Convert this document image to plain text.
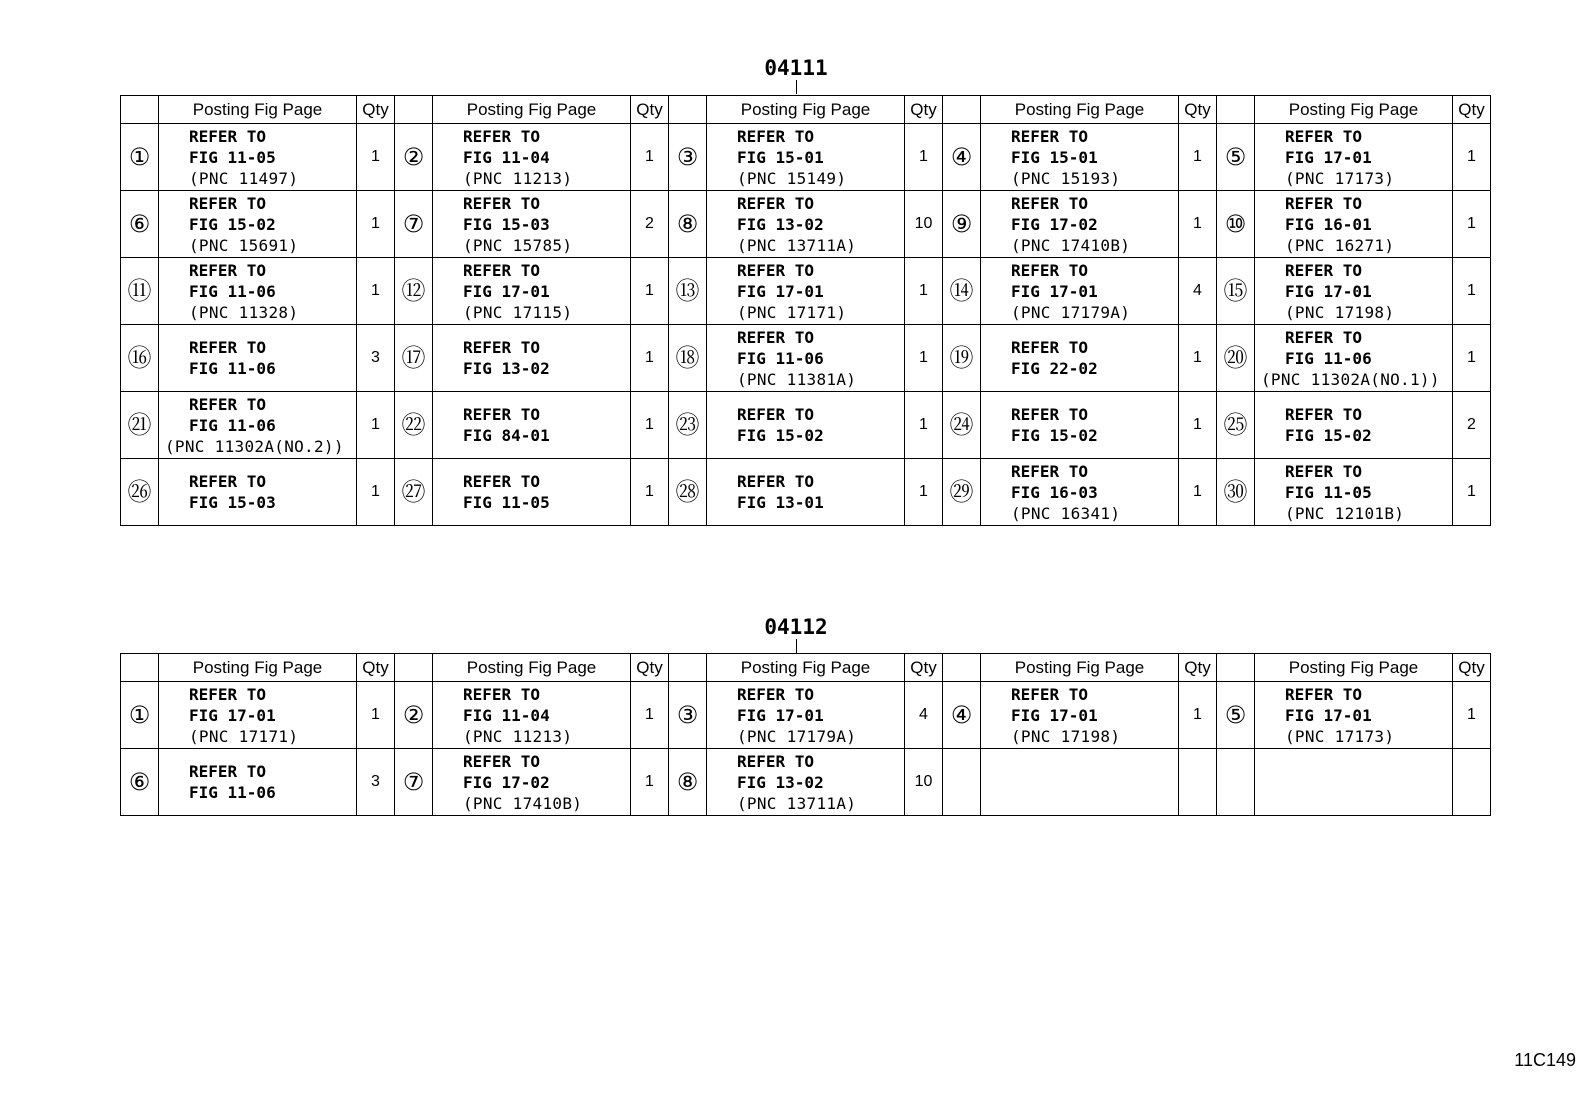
04111
	Posting Fig Page	Qty		Posting Fig Page	Qty		Posting Fig Page	Qty		Posting Fig Page	Qty		Posting Fig Page	Qty
①	REFER TO
FIG 11-05
(PNC 11497)	1	②	REFER TO
FIG 11-04
(PNC 11213)	1	③	REFER TO
FIG 15-01
(PNC 15149)	1	④	REFER TO
FIG 15-01
(PNC 15193)	1	⑤	REFER TO
FIG 17-01
(PNC 17173)	1
⑥	REFER TO
FIG 15-02
(PNC 15691)	1	⑦	REFER TO
FIG 15-03
(PNC 15785)	2	⑧	REFER TO
FIG 13-02
(PNC 13711A)	10	⑨	REFER TO
FIG 17-02
(PNC 17410B)	1	⑩	REFER TO
FIG 16-01
(PNC 16271)	1
⑪	REFER TO
FIG 11-06
(PNC 11328)	1	⑫	REFER TO
FIG 17-01
(PNC 17115)	1	⑬	REFER TO
FIG 17-01
(PNC 17171)	1	⑭	REFER TO
FIG 17-01
(PNC 17179A)	4	⑮	REFER TO
FIG 17-01
(PNC 17198)	1
⑯	REFER TO
FIG 11-06	3	⑰	REFER TO
FIG 13-02	1	⑱	REFER TO
FIG 11-06
(PNC 11381A)	1	⑲	REFER TO
FIG 22-02	1	⑳	REFER TO
FIG 11-06
(PNC 11302A(NO.1))	1
㉑	REFER TO
FIG 11-06
(PNC 11302A(NO.2))	1	㉒	REFER TO
FIG 84-01	1	㉓	REFER TO
FIG 15-02	1	㉔	REFER TO
FIG 15-02	1	㉕	REFER TO
FIG 15-02	2
㉖	REFER TO
FIG 15-03	1	㉗	REFER TO
FIG 11-05	1	㉘	REFER TO
FIG 13-01	1	㉙	REFER TO
FIG 16-03
(PNC 16341)	1	㉚	REFER TO
FIG 11-05
(PNC 12101B)	1
04112
	Posting Fig Page	Qty		Posting Fig Page	Qty		Posting Fig Page	Qty		Posting Fig Page	Qty		Posting Fig Page	Qty
①	REFER TO
FIG 17-01
(PNC 17171)	1	②	REFER TO
FIG 11-04
(PNC 11213)	1	③	REFER TO
FIG 17-01
(PNC 17179A)	4	④	REFER TO
FIG 17-01
(PNC 17198)	1	⑤	REFER TO
FIG 17-01
(PNC 17173)	1
⑥	REFER TO
FIG 11-06	3	⑦	REFER TO
FIG 17-02
(PNC 17410B)	1	⑧	REFER TO
FIG 13-02
(PNC 13711A)	10						
11C149
